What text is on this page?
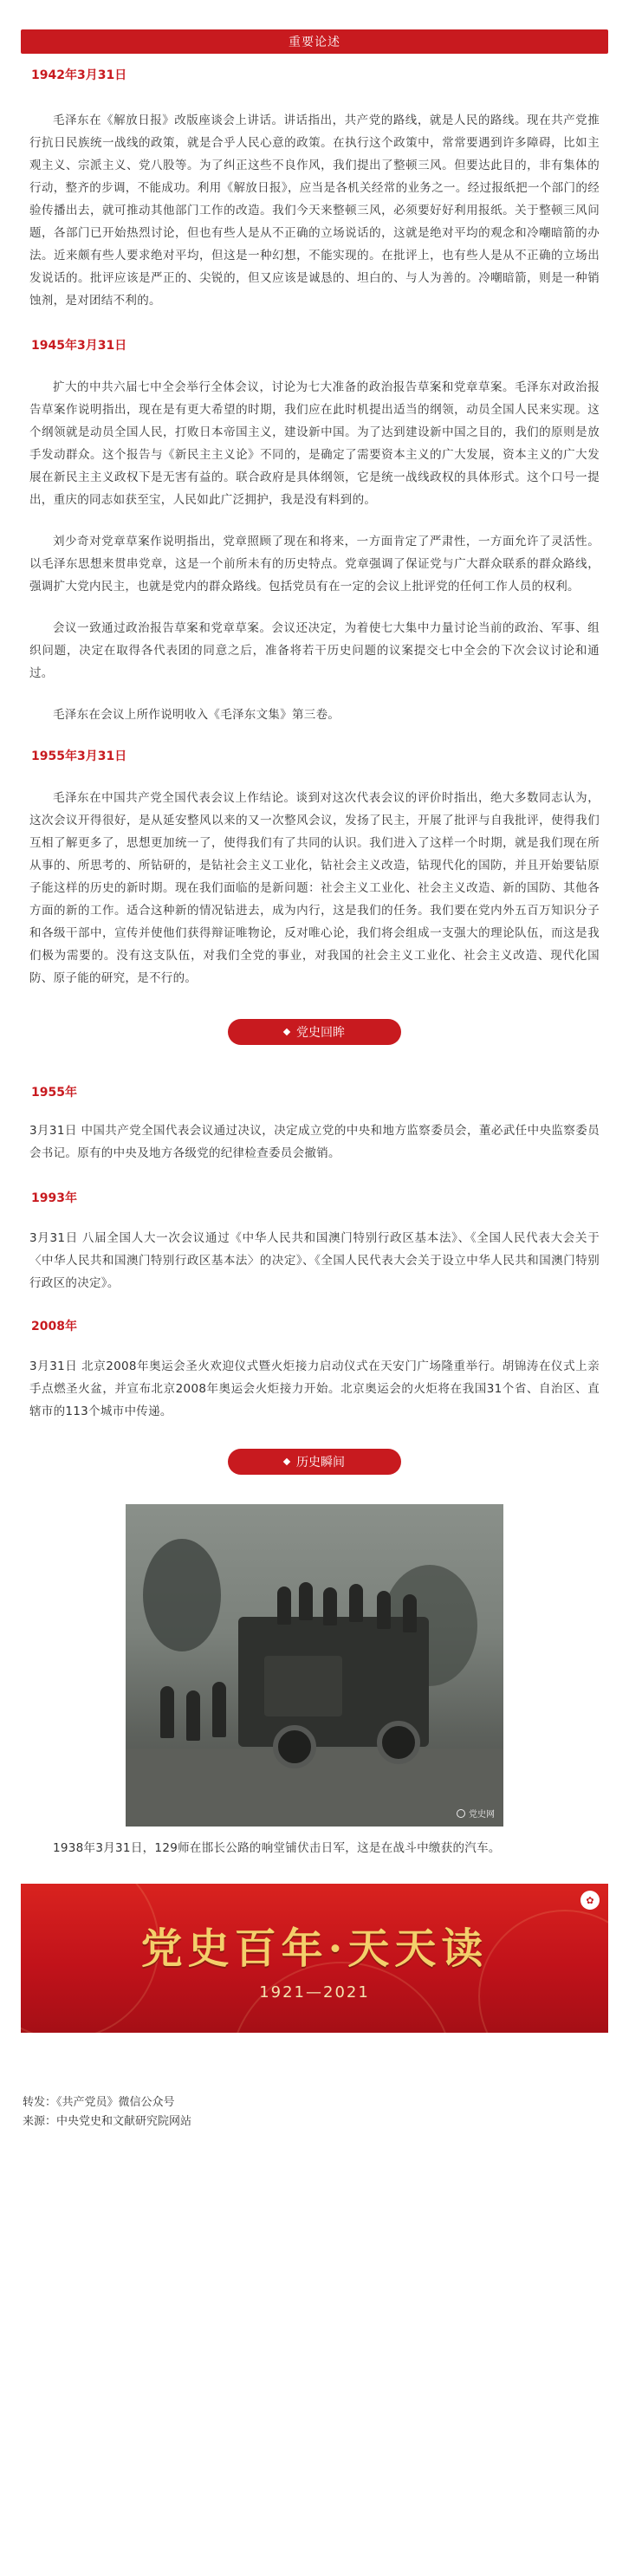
重要论述
1942年3月31日

毛泽东在《解放日报》改版座谈会上讲话。讲话指出，共产党的路线，就是人民的路线。现在共产党推行抗日民族统一战线的政策，就是合乎人民心意的政策。在执行这个政策中，常常要遇到许多障碍，比如主观主义、宗派主义、党八股等。为了纠正这些不良作风，我们提出了整顿三风。但要达此目的，非有集体的行动，整齐的步调，不能成功。利用《解放日报》，应当是各机关经常的业务之一。经过报纸把一个部门的经验传播出去，就可推动其他部门工作的改造。我们今天来整顿三风，必须要好好利用报纸。关于整顿三风问题，各部门已开始热烈讨论，但也有些人是从不正确的立场说话的，这就是绝对平均的观念和冷嘲暗箭的办法。近来颇有些人要求绝对平均，但这是一种幻想，不能实现的。在批评上，也有些人是从不正确的立场出发说话的。批评应该是严正的、尖锐的，但又应该是诚恳的、坦白的、与人为善的。冷嘲暗箭，则是一种销蚀剂，是对团结不利的。

1945年3月31日

扩大的中共六届七中全会举行全体会议，讨论为七大准备的政治报告草案和党章草案。毛泽东对政治报告草案作说明指出，现在是有更大希望的时期，我们应在此时机提出适当的纲领，动员全国人民来实现。这个纲领就是动员全国人民，打败日本帝国主义，建设新中国。为了达到建设新中国之目的，我们的原则是放手发动群众。这个报告与《新民主主义论》不同的，是确定了需要资本主义的广大发展，资本主义的广大发展在新民主主义政权下是无害有益的。联合政府是具体纲领，它是统一战线政权的具体形式。这个口号一提出，重庆的同志如获至宝，人民如此广泛拥护，我是没有料到的。

刘少奇对党章草案作说明指出，党章照顾了现在和将来，一方面肯定了严肃性，一方面允许了灵活性。以毛泽东思想来贯串党章，这是一个前所未有的历史特点。党章强调了保证党与广大群众联系的群众路线，强调扩大党内民主，也就是党内的群众路线。包括党员有在一定的会议上批评党的任何工作人员的权利。

会议一致通过政治报告草案和党章草案。会议还决定，为着使七大集中力量讨论当前的政治、军事、组织问题，决定在取得各代表团的同意之后，准备将若干历史问题的议案提交七中全会的下次会议讨论和通过。

毛泽东在会议上所作说明收入《毛泽东文集》第三卷。

1955年3月31日

毛泽东在中国共产党全国代表会议上作结论。谈到对这次代表会议的评价时指出，绝大多数同志认为，这次会议开得很好，是从延安整风以来的又一次整风会议，发扬了民主，开展了批评与自我批评，使得我们互相了解更多了，思想更加统一了，使得我们有了共同的认识。我们进入了这样一个时期，就是我们现在所从事的、所思考的、所钻研的，是钻社会主义工业化，钻社会主义改造，钻现代化的国防，并且开始要钻原子能这样的历史的新时期。现在我们面临的是新问题：社会主义工业化、社会主义改造、新的国防、其他各方面的新的工作。适合这种新的情况钻进去，成为内行，这是我们的任务。我们要在党内外五百万知识分子和各级干部中，宣传并使他们获得辩证唯物论，反对唯心论，我们将会组成一支强大的理论队伍，而这是我们极为需要的。没有这支队伍，对我们全党的事业，对我国的社会主义工业化、社会主义改造、现代化国防、原子能的研究，是不行的。

党史回眸
1955年

3月31日 中国共产党全国代表会议通过决议，决定成立党的中央和地方监察委员会，董必武任中央监察委员会书记。原有的中央及地方各级党的纪律检查委员会撤销。

1993年

3月31日 八届全国人大一次会议通过《中华人民共和国澳门特别行政区基本法》、《全国人民代表大会关于〈中华人民共和国澳门特别行政区基本法〉的决定》、《全国人民代表大会关于设立中华人民共和国澳门特别行政区的决定》。

2008年

3月31日 北京2008年奥运会圣火欢迎仪式暨火炬接力启动仪式在天安门广场隆重举行。胡锦涛在仪式上亲手点燃圣火盆，并宣布北京2008年奥运会火炬接力开始。北京奥运会的火炬将在我国31个省、自治区、直辖市的113个城市中传递。

历史瞬间
党史网

1938年3月31日，129师在邯长公路的响堂铺伏击日军，这是在战斗中缴获的汽车。

✿
党史百年·天天读
1921—2021
转发：《共产党员》微信公众号
来源：中央党史和文献研究院网站
